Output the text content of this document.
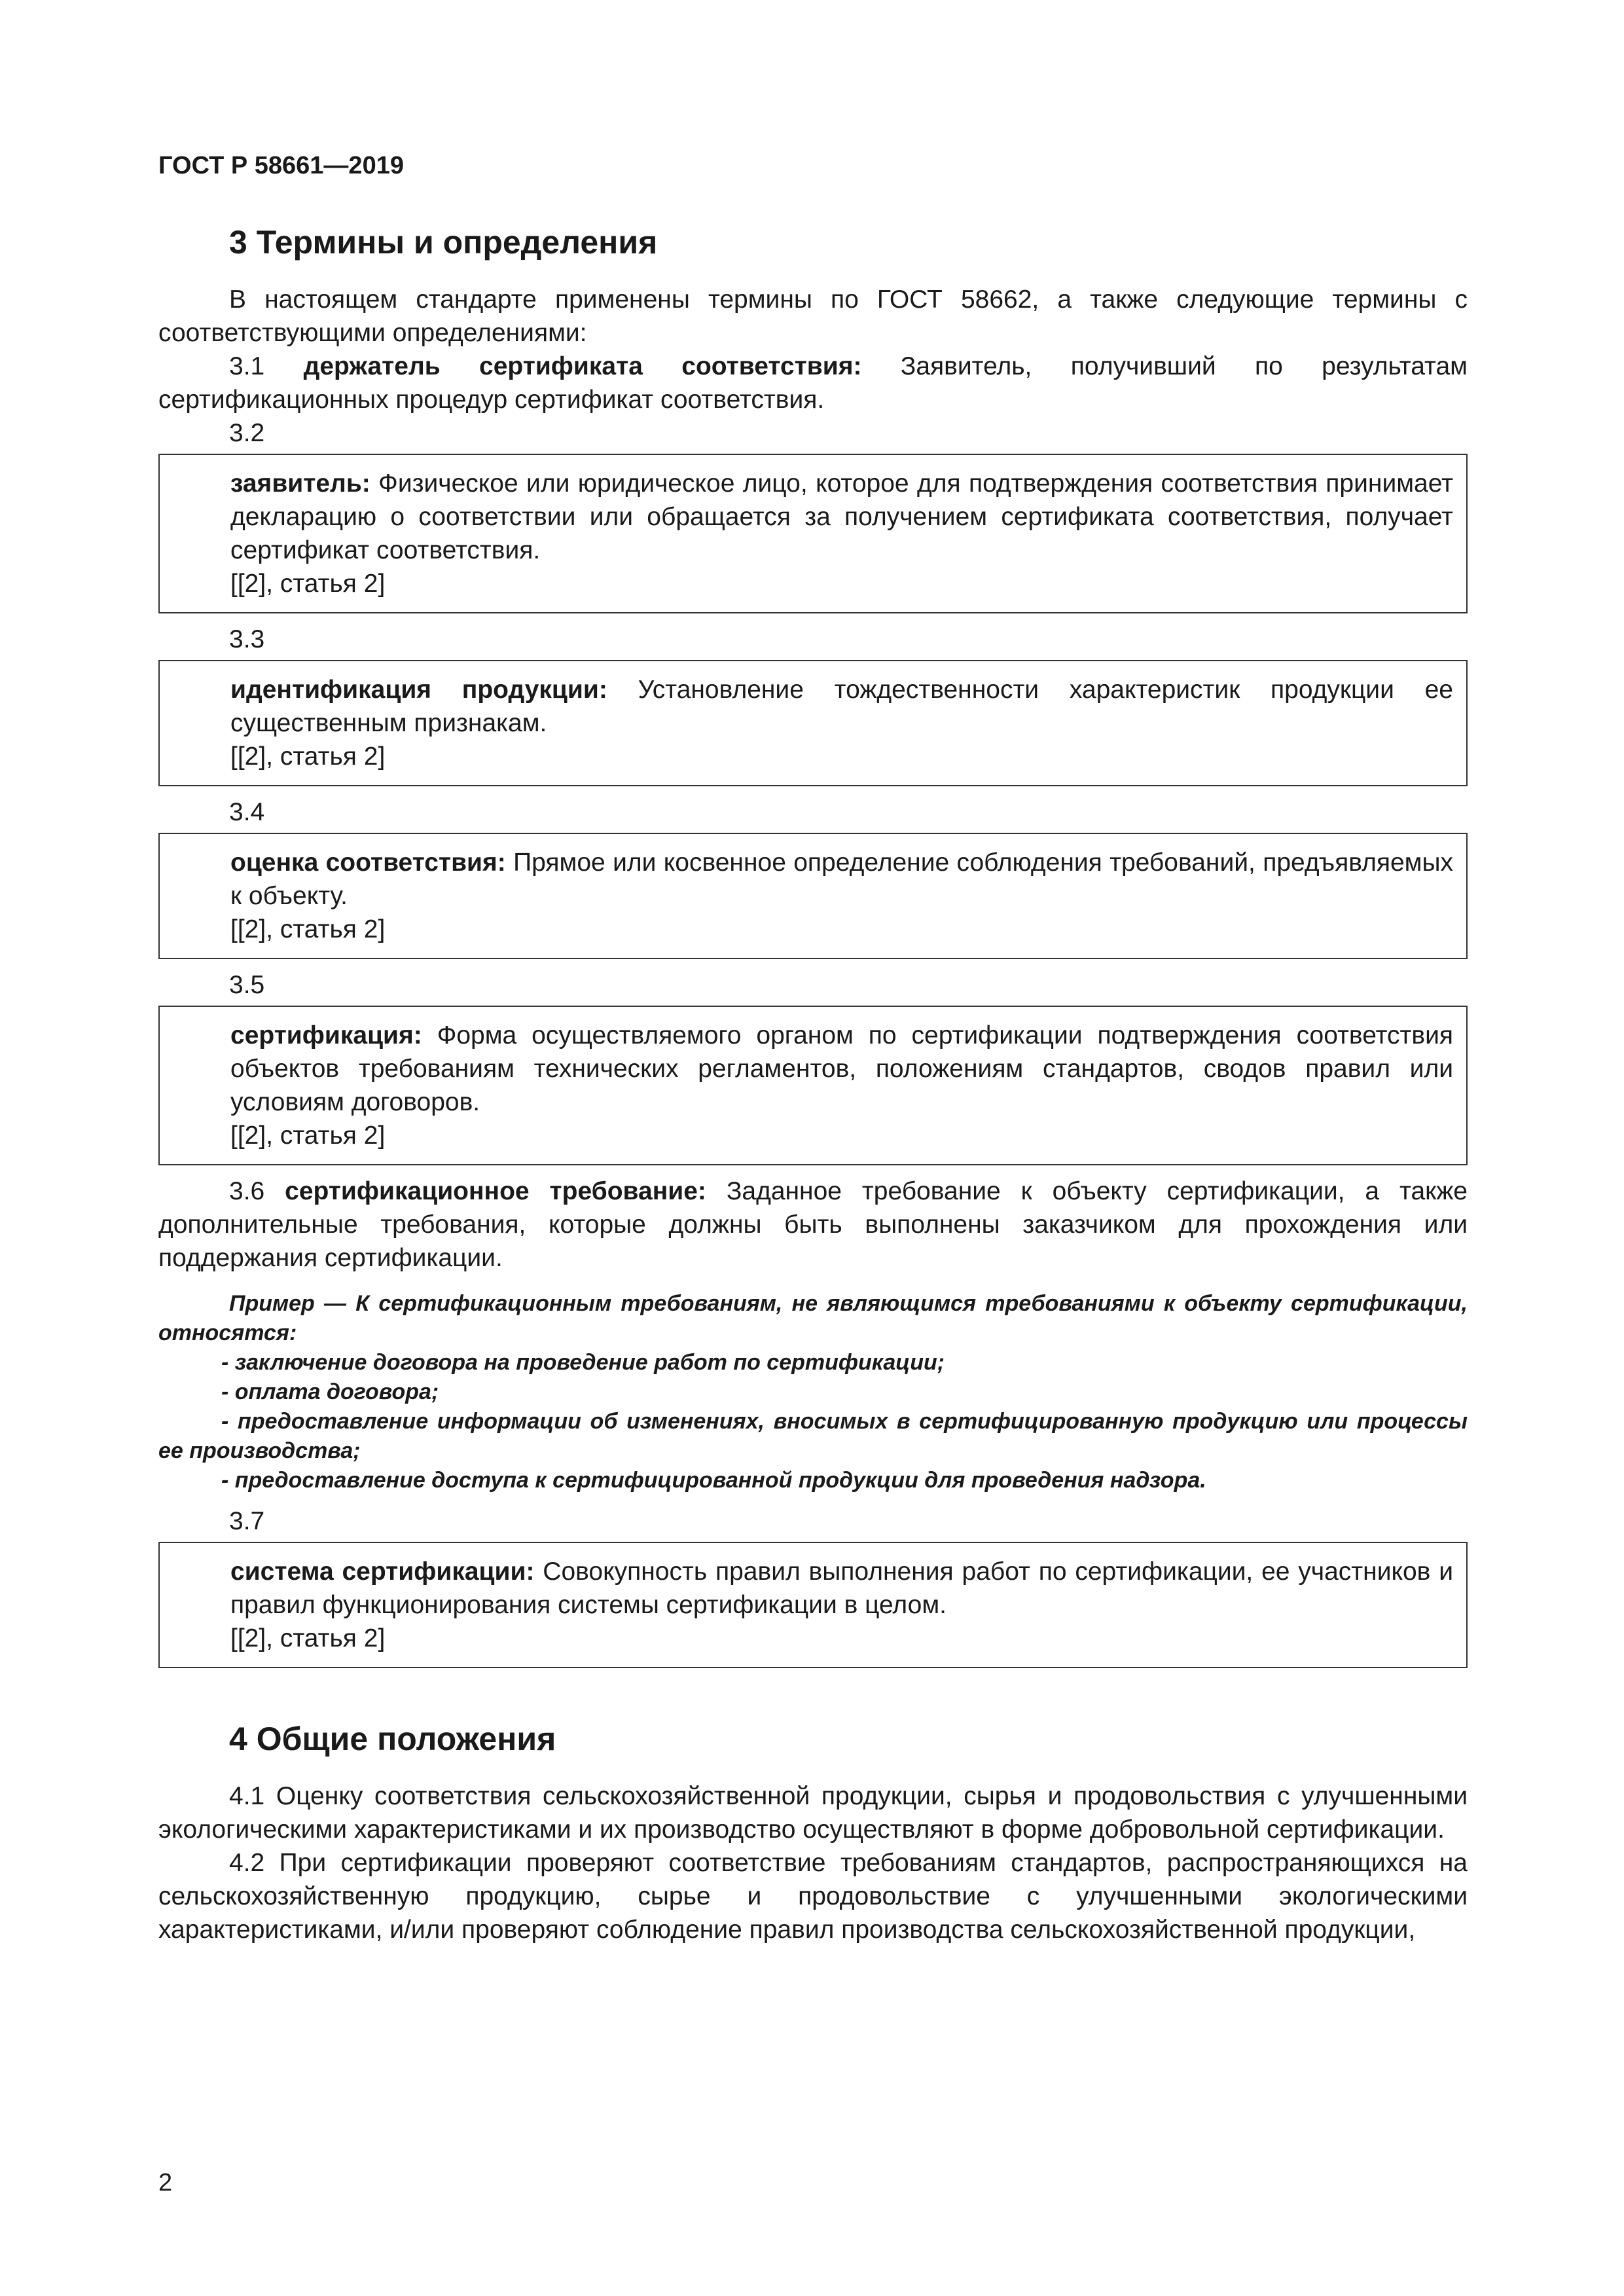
ГОСТ Р 58661—2019
3 Термины и определения

В настоящем стандарте применены термины по ГОСТ 58662, а также следующие термины с соответствующими определениями:

3.1 держатель сертификата соответствия: Заявитель, получивший по результатам сертификационных процедур сертификат соответствия.

3.2

заявитель: Физическое или юридическое лицо, которое для подтверждения соответствия принимает декларацию о соответствии или обращается за получением сертификата соответствия, получает сертификат соответствия.

[[2], статья 2]

3.3

идентификация продукции: Установление тождественности характеристик продукции ее существенным признакам.

[[2], статья 2]

3.4

оценка соответствия: Прямое или косвенное определение соблюдения требований, предъявляемых к объекту.

[[2], статья 2]

3.5

сертификация: Форма осуществляемого органом по сертификации подтверждения соответствия объектов требованиям технических регламентов, положениям стандартов, сводов правил или условиям договоров.

[[2], статья 2]

3.6 сертификационное требование: Заданное требование к объекту сертификации, а также дополнительные требования, которые должны быть выполнены заказчиком для прохождения или поддержания сертификации.

Пример — К сертификационным требованиям, не являющимся требованиями к объекту сертификации, относятся:

- заключение договора на проведение работ по сертификации;

- оплата договора;

- предоставление информации об изменениях, вносимых в сертифицированную продукцию или процессы ее производства;

- предоставление доступа к сертифицированной продукции для проведения надзора.

3.7

система сертификации: Совокупность правил выполнения работ по сертификации, ее участников и правил функционирования системы сертификации в целом.

[[2], статья 2]

4 Общие положения

4.1 Оценку соответствия сельскохозяйственной продукции, сырья и продовольствия с улучшенными экологическими характеристиками и их производство осуществляют в форме добровольной сертификации.

4.2 При сертификации проверяют соответствие требованиям стандартов, распространяющихся на сельскохозяйственную продукцию, сырье и продовольствие с улучшенными экологическими характеристиками, и/или проверяют соблюдение правил производства сельскохозяйственной продукции,

2
